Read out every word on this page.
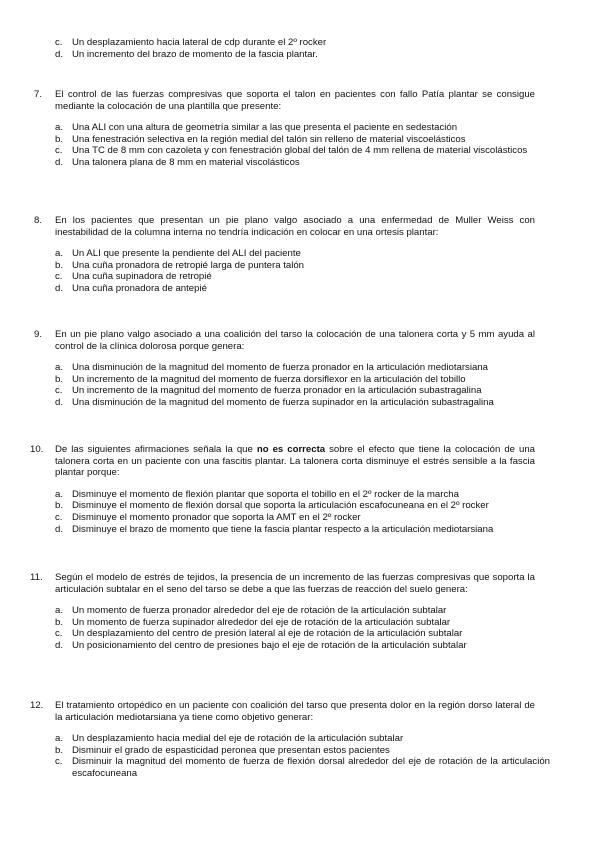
c. Un desplazamiento hacia lateral de cdp durante el 2º rocker
d. Un incremento del brazo de momento de la fascia plantar.
7.	El control de las fuerzas compresivas que soporta el talon en pacientes con fallo Patía plantar se consigue mediante la colocación de una plantilla que presente:
a. Una ALI con una altura de geometría similar a las que presenta el paciente en sedestación
b. Una fenestración selectiva en la región medial del talón sin relleno de material viscoelásticos
c. Una TC de 8 mm con cazoleta y con fenestración global del talón de 4 mm rellena de material viscolásticos
d. Una talonera plana de 8 mm en material viscolásticos
8.	En los pacientes que presentan un pie plano valgo asociado a una enfermedad de Muller Weiss con inestabilidad de la columna interna no tendría indicación en colocar en una ortesis plantar:
a. Un ALI que presente la pendiente del ALI del paciente
b. Una cuña pronadora de retropié larga de puntera talón
c. Una cuña supinadora de retropié
d. Una cuña pronadora de antepié
9.	En un pie plano valgo asociado a una coalición del tarso la colocación de una talonera corta y 5 mm ayuda al control de la clínica dolorosa porque genera:
a. Una disminución de la magnitud del momento de fuerza pronador en la articulación mediotarsiana
b. Un incremento de la magnitud del momento de fuerza dorsiflexor en la articulación del tobillo
c. Un incremento de la magnitud del momento de fuerza pronador en la articulación subastragalina
d. Una disminución de la magnitud del momento de fuerza supinador en la articulación subastragalina
10.	De las siguientes afirmaciones señala la que no es correcta sobre el efecto que tiene la colocación de una talonera corta en un paciente con una fascitis plantar. La talonera corta disminuye el estrés sensible a la fascia plantar porque:
a. Disminuye el momento de flexión plantar que soporta el tobillo en el 2º rocker de la marcha
b. Disminuye el momento de flexión dorsal que soporta la articulación escafocuneana en el 2º rocker
c. Disminuye el momento pronador que soporta la AMT en el 2º rocker
d. Disminuye el brazo de momento que tiene la fascia plantar respecto a la articulación mediotarsiana
11.	Según el modelo de estrés de tejidos, la presencia de un incremento de las fuerzas compresivas que soporta la articulación subtalar en el seno del tarso se debe a que las fuerzas de reacción del suelo genera:
a. Un momento de fuerza pronador alrededor del eje de rotación de la articulación subtalar
b. Un momento de fuerza supinador alrededor del eje de rotación de la articulación subtalar
c. Un desplazamiento del centro de presión lateral al eje de rotación de la articulación subtalar
d. Un posicionamiento del centro de presiones bajo el eje de rotación de la articulación subtalar
12.	El tratamiento ortopédico en un paciente con coalición del tarso que presenta dolor en la región dorso lateral de la articulación mediotarsiana ya tiene como objetivo generar:
a. Un desplazamiento hacia medial del eje de rotación de la articulación subtalar
b. Disminuir el grado de espasticidad peronea que presentan estos pacientes
c. Disminuir la magnitud del momento de fuerza de flexión dorsal alrededor del eje de rotación de la articulación escafocuneana
